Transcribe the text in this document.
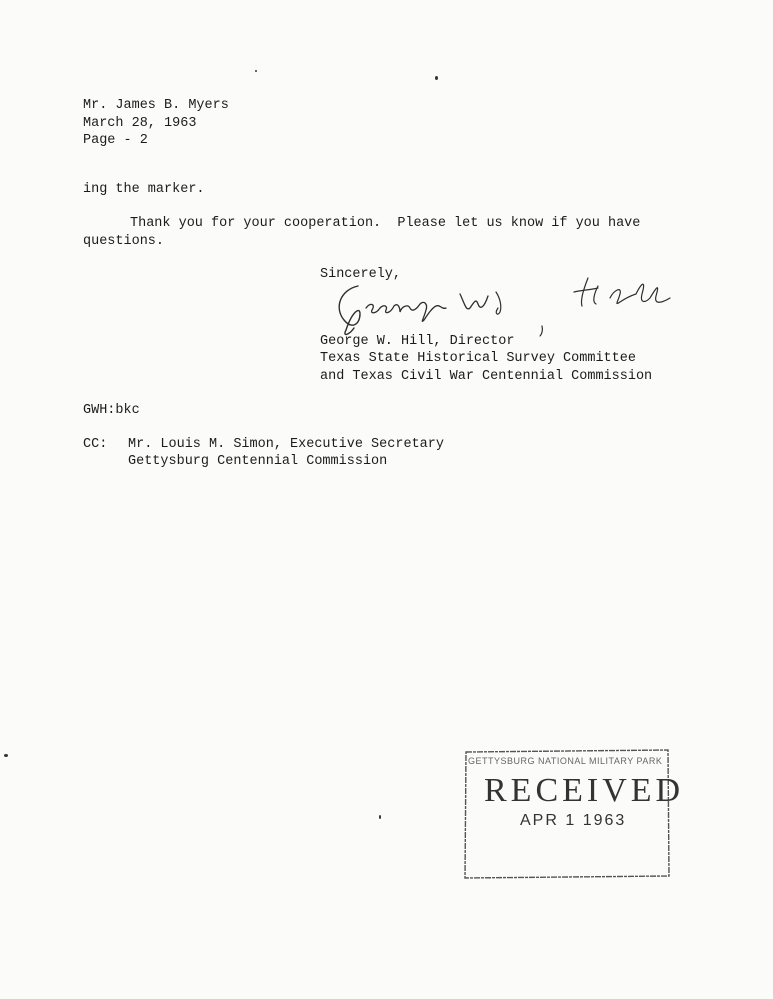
Mr. James B. Myers
March 28, 1963
Page - 2
ing the marker.
Thank you for your cooperation.  Please let us know if you have
questions.
Sincerely,
George W. Hill, Director
Texas State Historical Survey Committee
and Texas Civil War Centennial Commission
GWH:bkc
CC: Mr. Louis M. Simon, Executive Secretary
Gettysburg Centennial Commission
GETTYSBURG NATIONAL MILITARY PARK
RECEIVED
APR 1 1963
